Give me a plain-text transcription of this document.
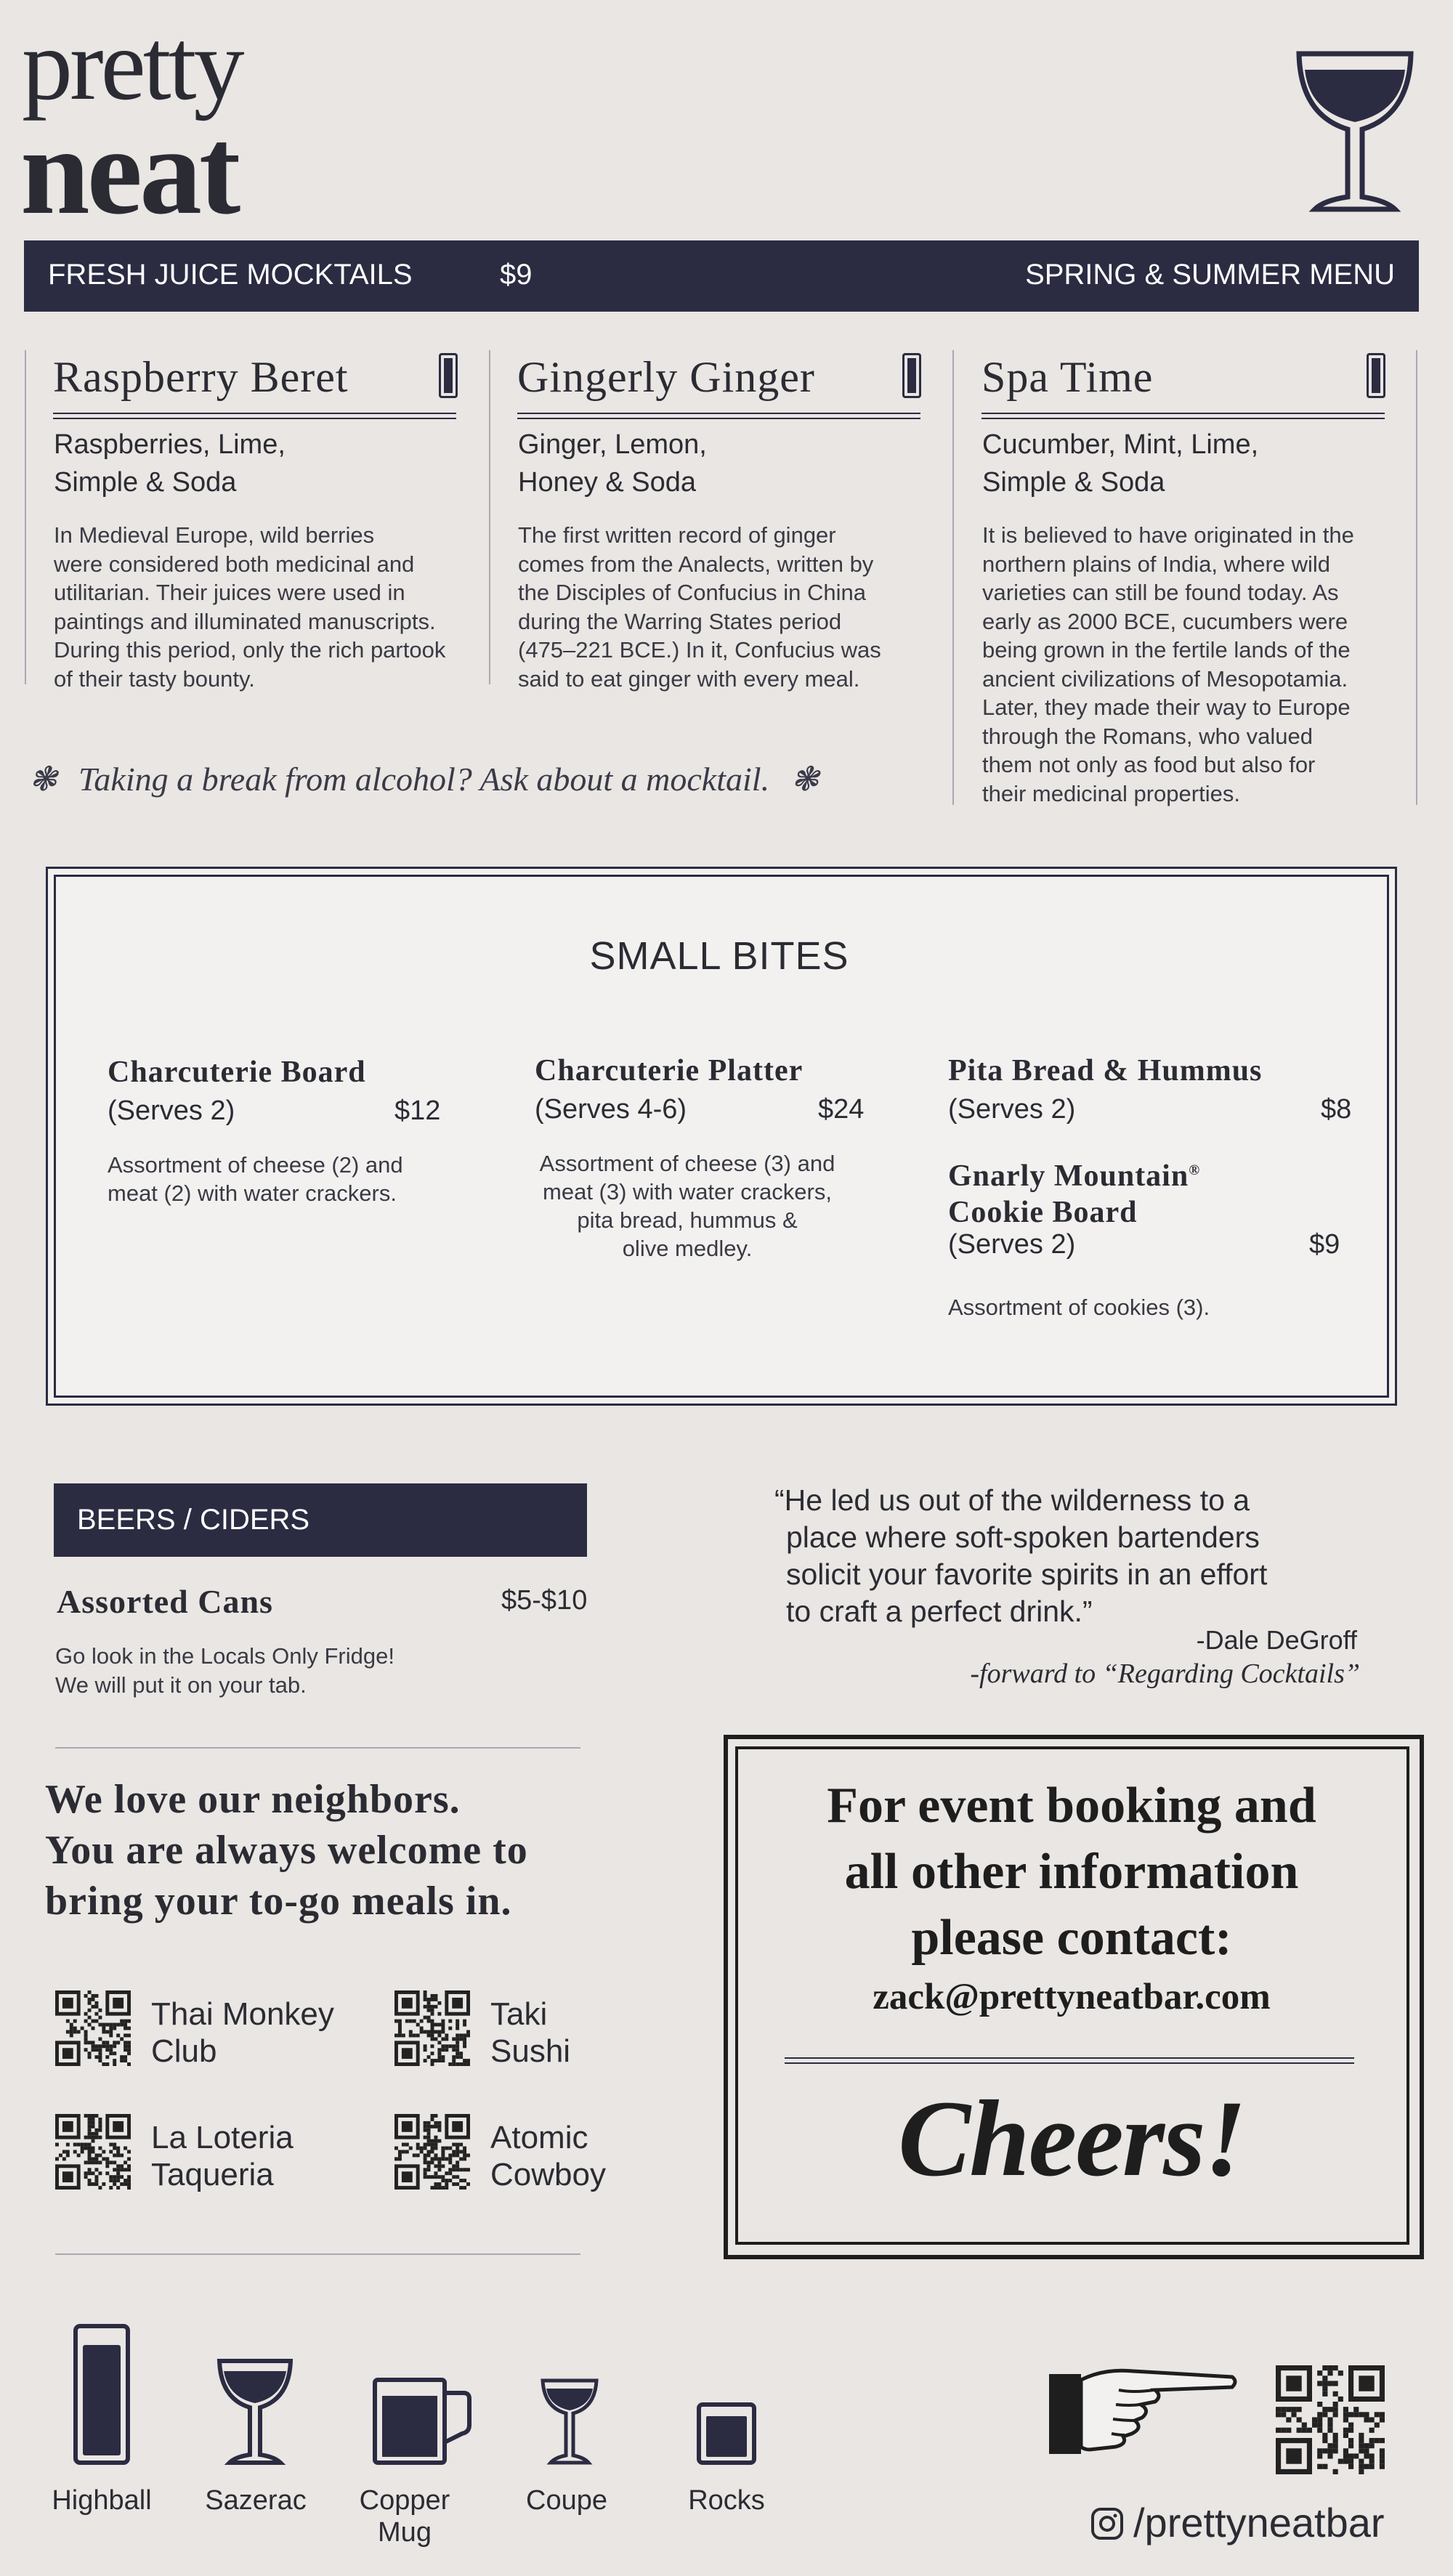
pretty
neat
FRESH JUICE MOCKTAILS	$9	SPRING & SUMMER MENU
Raspberry Beret
Raspberries, Lime,
Simple & Soda
In Medieval Europe, wild berries
were considered both medicinal and
utilitarian. Their juices were used in
paintings and illuminated manuscripts.
During this period, only the rich partook
of their tasty bounty.
Gingerly Ginger
Ginger, Lemon,
Honey & Soda
The first written record of ginger
comes from the Analects, written by
the Disciples of Confucius in China
during the Warring States period
(475–221 BCE.) In it, Confucius was
said to eat ginger with every meal.
Spa Time
Cucumber, Mint, Lime,
Simple & Soda
It is believed to have originated in the
northern plains of India, where wild
varieties can still be found today. As
early as 2000 BCE, cucumbers were
being grown in the fertile lands of the
ancient civilizations of Mesopotamia.
Later, they made their way to Europe
through the Romans, who valued
them not only as food but also for
their medicinal properties.
❃ Taking a break from alcohol? Ask about a mocktail. ❃
SMALL BITES
Charcuterie Board
(Serves 2)	$12
Assortment of cheese (2) and
meat (2) with water crackers.
Charcuterie Platter
(Serves 4-6)	$24
Assortment of cheese (3) and
meat (3) with water crackers,
pita bread, hummus &
olive medley.
Pita Bread & Hummus
(Serves 2)	$8
Gnarly Mountain®
Cookie Board
(Serves 2)	$9
Assortment of cookies (3).
BEERS / CIDERS
Assorted Cans	$5-$10
Go look in the Locals Only Fridge!
We will put it on your tab.
“He led us out of the wilderness to a
place where soft-spoken bartenders
solicit your favorite spirits in an effort
to craft a perfect drink.”
-Dale DeGroff
-forward to “Regarding Cocktails”
We love our neighbors.
You are always welcome to
bring your to-go meals in.
Thai Monkey
Club
Taki
Sushi
La Loteria
Taqueria
Atomic
Cowboy
For event booking and
all other information
please contact:
zack@prettyneatbar.com
Cheers!
Highball	Sazerac	Copper
Mug
Coupe	Rocks	/prettyneatbar
